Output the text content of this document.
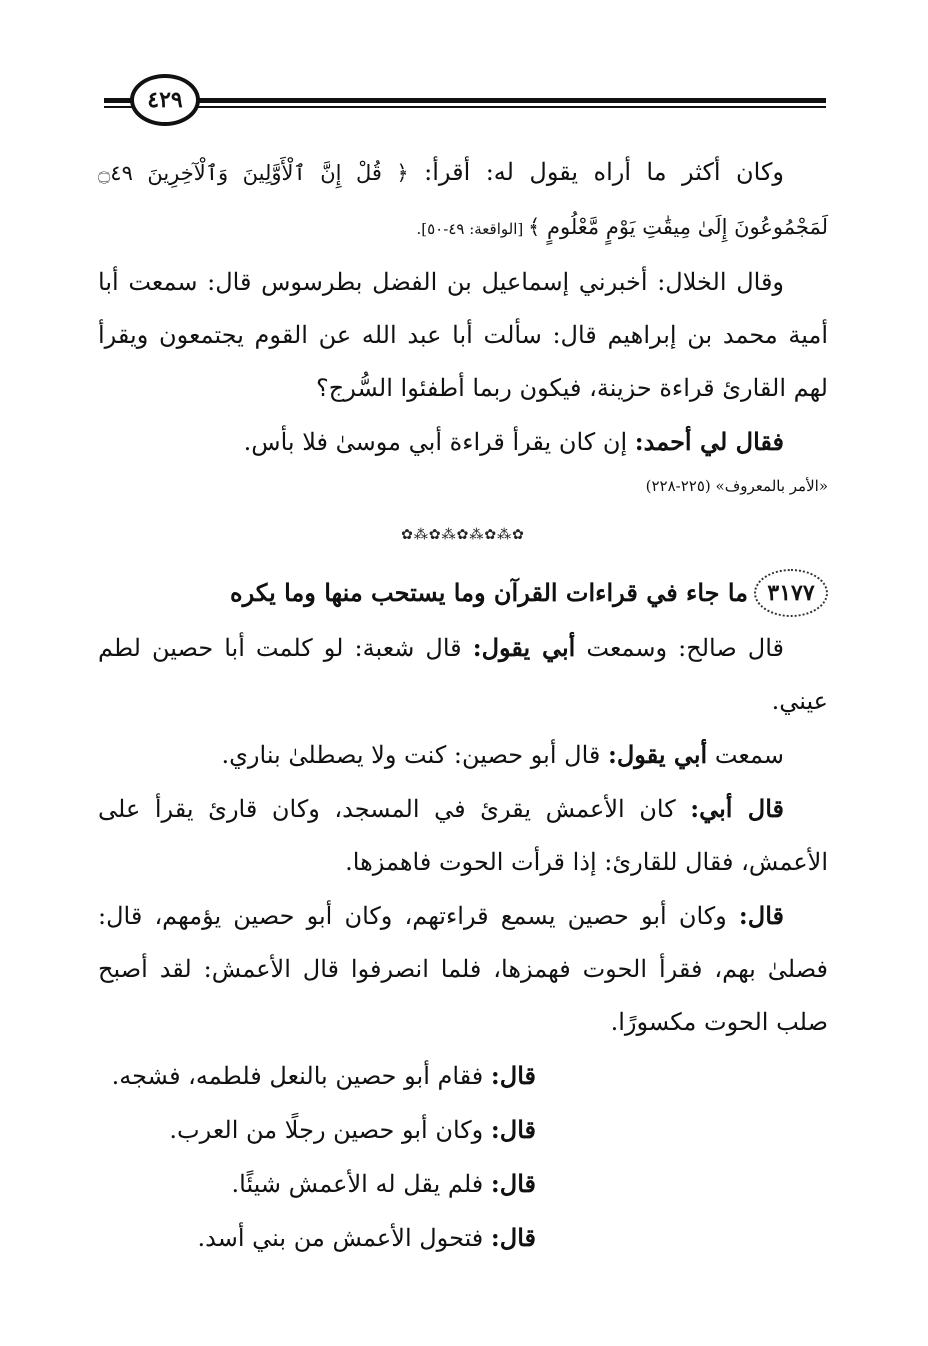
٤٢٩

وكان أكثر ما أراه يقول له: أقرأ: ﴿ قُلْ إِنَّ ٱلْأَوَّلِينَ وَٱلْآخِرِينَ ۝٤٩ لَمَجْمُوعُونَ إِلَىٰ مِيقَٰتِ يَوْمٍ مَّعْلُومٍ ﴾ [الواقعة: ٤٩-٥٠].

وقال الخلال: أخبرني إسماعيل بن الفضل بطرسوس قال: سمعت أبا أمية محمد بن إبراهيم قال: سألت أبا عبد الله عن القوم يجتمعون ويقرأ لهم القارئ قراءة حزينة، فيكون ربما أطفئوا السُّرج؟

فقال لي أحمد: إن كان يقرأ قراءة أبي موسىٰ فلا بأس.

«الأمر بالمعروف» (٢٢٥-٢٢٨)

✿⁂✿⁂✿⁂✿⁂✿
٣١٧٧
ما جاء في قراءات القرآن وما يستحب منها وما يكره

قال صالح: وسمعت أبي يقول: قال شعبة: لو كلمت أبا حصين لطم عيني.

سمعت أبي يقول: قال أبو حصين: كنت ولا يصطلىٰ بناري.

قال أبي: كان الأعمش يقرئ في المسجد، وكان قارئ يقرأ على الأعمش، فقال للقارئ: إذا قرأت الحوت فاهمزها.

قال: وكان أبو حصين يسمع قراءتهم، وكان أبو حصين يؤمهم، قال: فصلىٰ بهم، فقرأ الحوت فهمزها، فلما انصرفوا قال الأعمش: لقد أصبح صلب الحوت مكسورًا.

قال: فقام أبو حصين بالنعل فلطمه، فشجه.

قال: وكان أبو حصين رجلًا من العرب.

قال: فلم يقل له الأعمش شيئًا.

قال: فتحول الأعمش من بني أسد.
